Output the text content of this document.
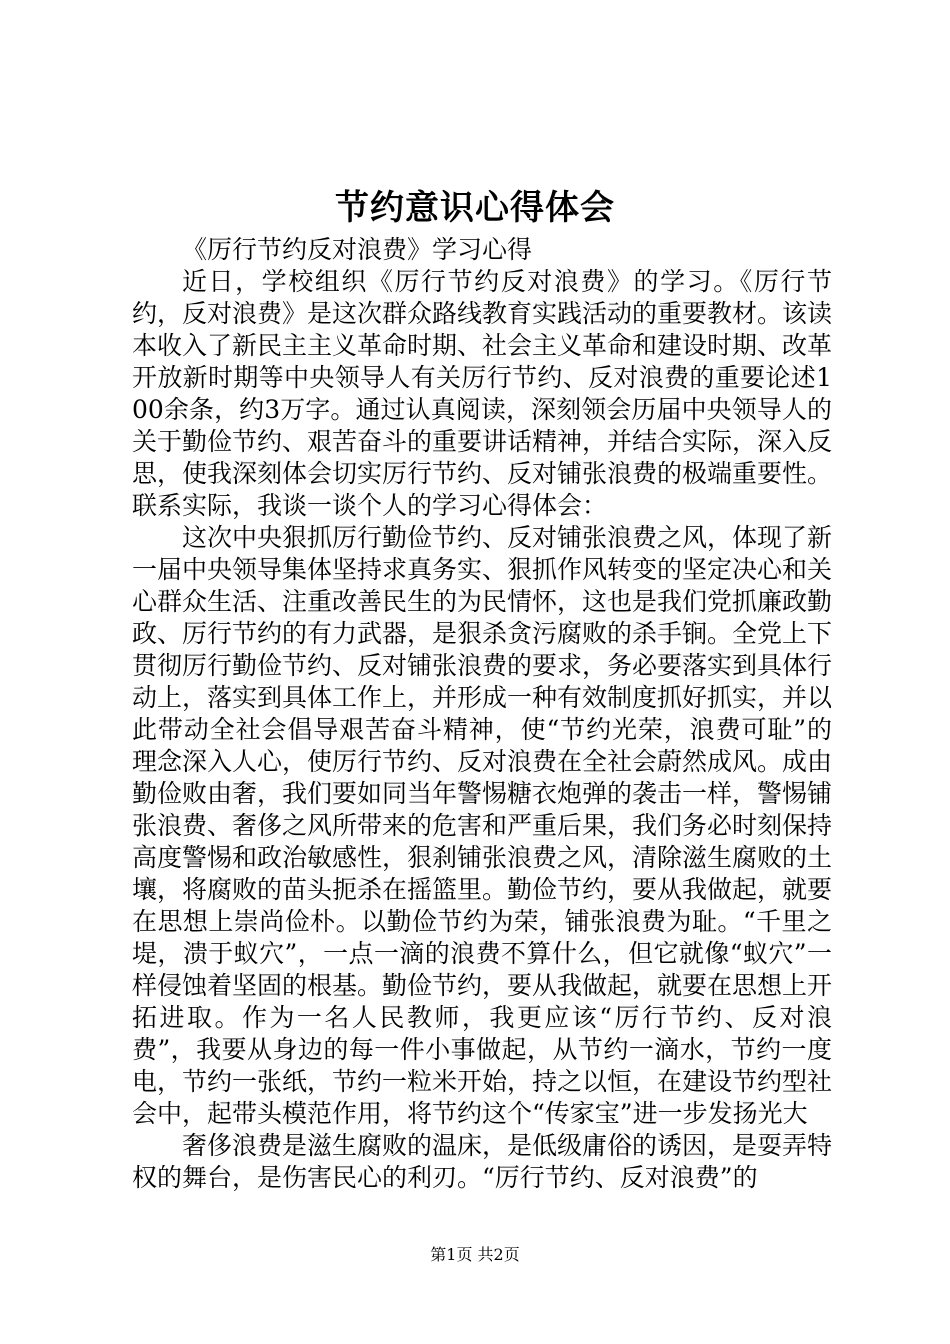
节约意识心得体会

《厉行节约反对浪费》学习心得

近日，学校组织《厉行节约反对浪费》的学习。《厉行节约，反对浪费》是这次群众路线教育实践活动的重要教材。该读本收入了新民主主义革命时期、社会主义革命和建设时期、改革开放新时期等中央领导人有关厉行节约、反对浪费的重要论述100余条，约3万字。通过认真阅读，深刻领会历届中央领导人的关于勤俭节约、艰苦奋斗的重要讲话精神，并结合实际，深入反思，使我深刻体会切实厉行节约、反对铺张浪费的极端重要性。联系实际，我谈一谈个人的学习心得体会：

这次中央狠抓厉行勤俭节约、反对铺张浪费之风，体现了新一届中央领导集体坚持求真务实、狠抓作风转变的坚定决心和关心群众生活、注重改善民生的为民情怀，这也是我们党抓廉政勤政、厉行节约的有力武器，是狠杀贪污腐败的杀手锏。全党上下贯彻厉行勤俭节约、反对铺张浪费的要求，务必要落实到具体行动上，落实到具体工作上，并形成一种有效制度抓好抓实，并以此带动全社会倡导艰苦奋斗精神，使“节约光荣，浪费可耻”的理念深入人心，使厉行节约、反对浪费在全社会蔚然成风。成由勤俭败由奢，我们要如同当年警惕糖衣炮弹的袭击一样，警惕铺张浪费、奢侈之风所带来的危害和严重后果，我们务必时刻保持高度警惕和政治敏感性，狠刹铺张浪费之风，清除滋生腐败的土壤，将腐败的苗头扼杀在摇篮里。勤俭节约，要从我做起，就要在思想上崇尚俭朴。以勤俭节约为荣，铺张浪费为耻。“千里之堤，溃于蚁穴”，一点一滴的浪费不算什么，但它就像“蚁穴”一样侵蚀着坚固的根基。勤俭节约，要从我做起，就要在思想上开拓进取。作为一名人民教师，我更应该“厉行节约、反对浪费”，我要从身边的每一件小事做起，从节约一滴水，节约一度电，节约一张纸，节约一粒米开始，持之以恒，在建设节约型社会中，起带头模范作用，将节约这个“传家宝”进一步发扬光大

奢侈浪费是滋生腐败的温床，是低级庸俗的诱因，是耍弄特权的舞台，是伤害民心的利刃。“厉行节约、反对浪费”的

第1页 共2页
